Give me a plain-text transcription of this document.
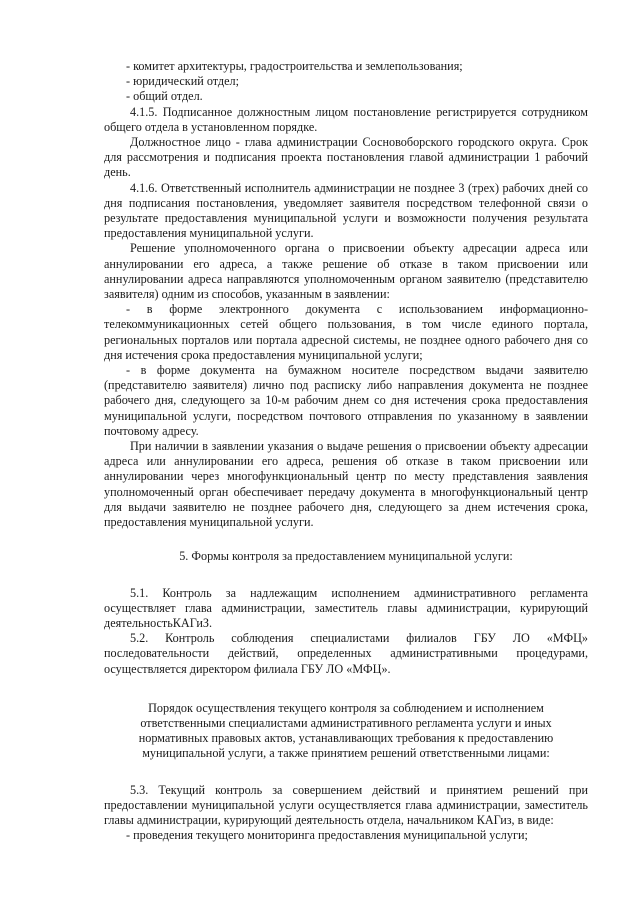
- комитет архитектуры, градостроительства и землепользования;

- юридический отдел;

- общий отдел.

4.1.5. Подписанное должностным лицом постановление регистрируется сотрудником общего отдела в установленном порядке.

Должностное лицо - глава администрации Сосновоборского городского округа. Срок для рассмотрения и подписания проекта постановления главой администрации 1 рабочий день.

4.1.6. Ответственный исполнитель администрации не позднее 3 (трех) рабочих дней со дня подписания постановления, уведомляет заявителя посредством телефонной связи о результате предоставления муниципальной услуги и возможности получения результата предоставления муниципальной услуги.

Решение уполномоченного органа о присвоении объекту адресации адреса или аннулировании его адреса, а также решение об отказе в таком присвоении или аннулировании адреса направляются уполномоченным органом заявителю (представителю заявителя) одним из способов, указанным в заявлении:

- в форме электронного документа с использованием информационно-телекоммуникационных сетей общего пользования, в том числе единого портала, региональных порталов или портала адресной системы, не позднее одного рабочего дня со дня истечения срока предоставления муниципальной услуги;

- в форме документа на бумажном носителе посредством выдачи заявителю (представителю заявителя) лично под расписку либо направления документа не позднее рабочего дня, следующего за 10-м рабочим днем со дня истечения срока предоставления муниципальной услуги, посредством почтового отправления по указанному в заявлении почтовому адресу.

При наличии в заявлении указания о выдаче решения о присвоении объекту адресации адреса или аннулировании его адреса, решения об отказе в таком присвоении или аннулировании через многофункциональный центр по месту представления заявления уполномоченный орган обеспечивает передачу документа в многофункциональный центр для выдачи заявителю не позднее рабочего дня, следующего за днем истечения срока, предоставления муниципальной услуги.

5. Формы контроля за предоставлением муниципальной услуги:

5.1. Контроль за надлежащим исполнением административного регламента осуществляет глава администрации, заместитель главы администрации, курирующий деятельностьКАГиЗ.

5.2. Контроль соблюдения специалистами филиалов ГБУ ЛО «МФЦ» последовательности действий, определенных административными процедурами, осуществляется директором филиала ГБУ ЛО «МФЦ».

Порядок осуществления текущего контроля за соблюдением и исполнением ответственными специалистами административного регламента услуги и иных нормативных правовых актов, устанавливающих требования к предоставлению муниципальной услуги, а также принятием решений ответственными лицами:

5.3. Текущий контроль за совершением действий и принятием решений при предоставлении муниципальной услуги осуществляется глава администрации, заместитель главы администрации, курирующий деятельность отдела, начальником КАГиз, в виде:

- проведения текущего мониторинга предоставления муниципальной услуги;
